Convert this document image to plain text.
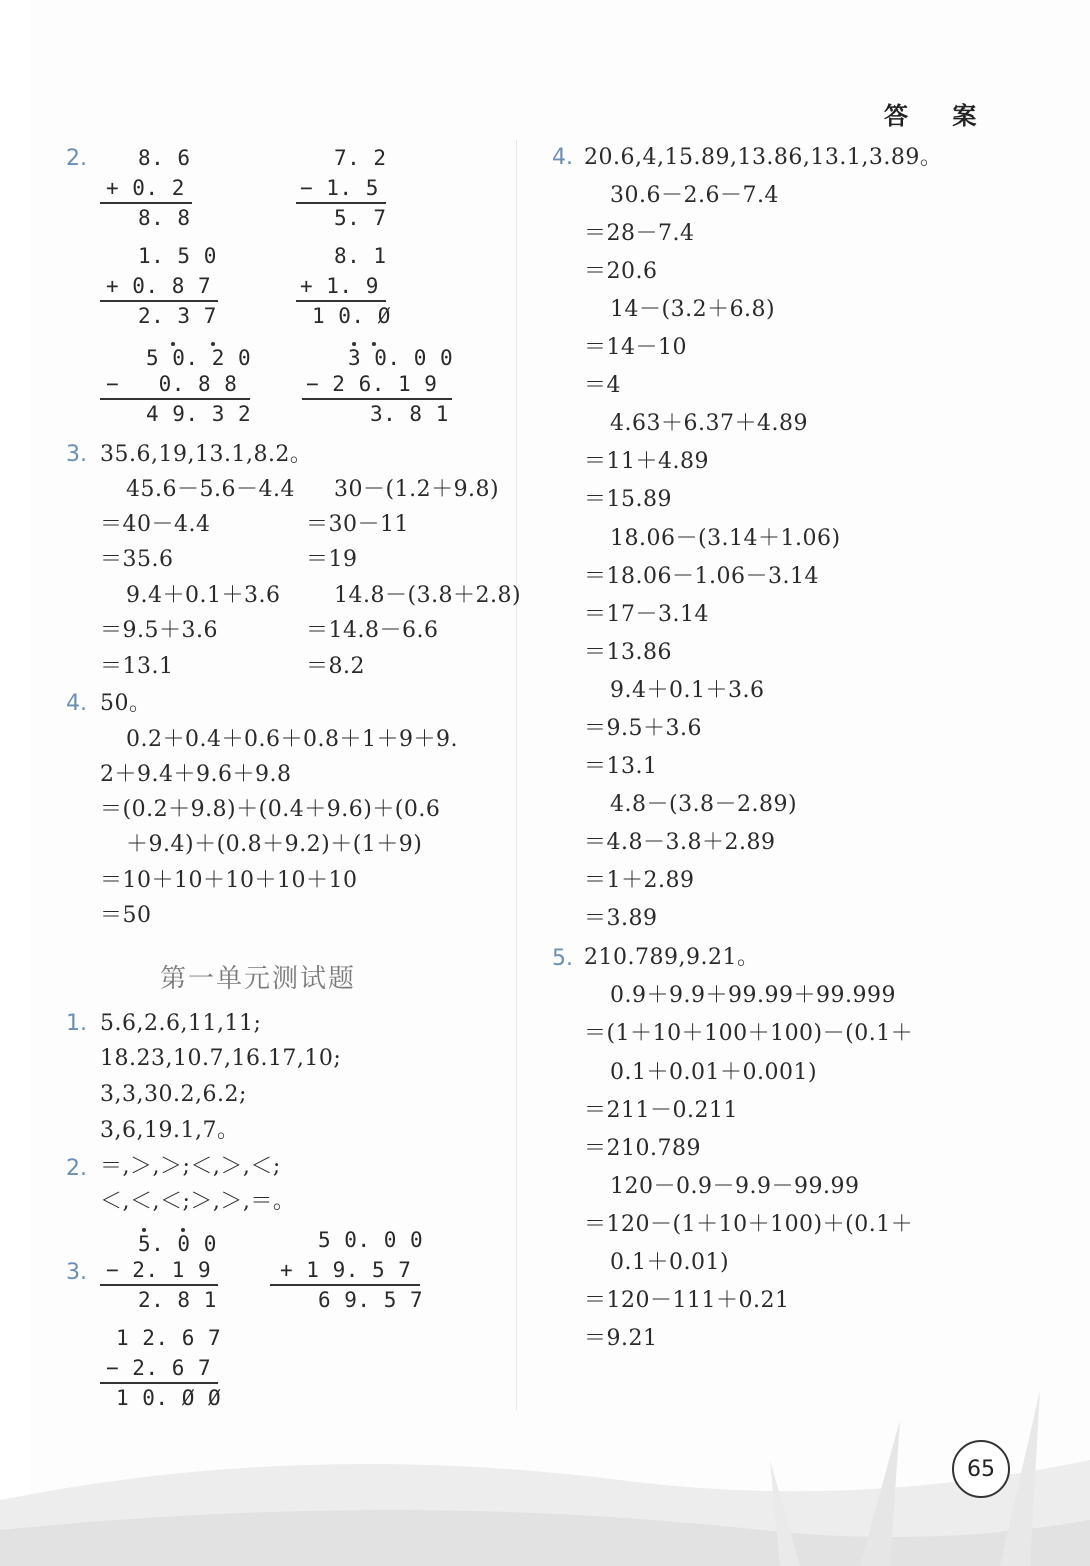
答 案
2. 8. 6
+ 0. 2
8. 8
7. 2
− 1. 5
5. 7
1. 5 0
+ 0. 8 7
2. 3 7
8. 1
+ 1. 9
1 0. Ø
5 0. 2 0
−   0. 8 8
4 9. 3 2
3 0. 0 0
− 2 6. 1 9
3. 8 1
3. 35.6,19,13.1,8.2。
45.6－5.6－4.4
＝40－4.4
＝35.6
9.4＋0.1＋3.6
＝9.5＋3.6
＝13.1
30－(1.2＋9.8)
＝30－11
＝19
14.8－(3.8＋2.8)
＝14.8－6.6
＝8.2
4. 50。
0.2＋0.4＋0.6＋0.8＋1＋9＋9.
2＋9.4＋9.6＋9.8
＝(0.2＋9.8)＋(0.4＋9.6)＋(0.6
＋9.4)＋(0.8＋9.2)＋(1＋9)
＝10＋10＋10＋10＋10
＝50
第一单元测试题
1. 5.6,2.6,11,11;
18.23,10.7,16.17,10;
3,3,30.2,6.2;
3,6,19.1,7。
2. ＝,＞,＞;＜,＞,＜;
＜,＜,＜;＞,＞,＝。
3.
5. 0 0
− 2. 1 9
2. 8 1
5 0. 0 0
+ 1 9. 5 7
6 9. 5 7
1 2. 6 7
− 2. 6 7
1 0. Ø Ø
4. 20.6,4,15.89,13.86,13.1,3.89。
30.6－2.6－7.4
＝28－7.4
＝20.6
14－(3.2＋6.8)
＝14－10
＝4
4.63＋6.37＋4.89
＝11＋4.89
＝15.89
18.06－(3.14＋1.06)
＝18.06－1.06－3.14
＝17－3.14
＝13.86
9.4＋0.1＋3.6
＝9.5＋3.6
＝13.1
4.8－(3.8－2.89)
＝4.8－3.8＋2.89
＝1＋2.89
＝3.89
5. 210.789,9.21。
0.9＋9.9＋99.99＋99.999
＝(1＋10＋100＋100)－(0.1＋
0.1＋0.01＋0.001)
＝211－0.211
＝210.789
120－0.9－9.9－99.99
＝120－(1＋10＋100)＋(0.1＋
0.1＋0.01)
＝120－111＋0.21
＝9.21
65
